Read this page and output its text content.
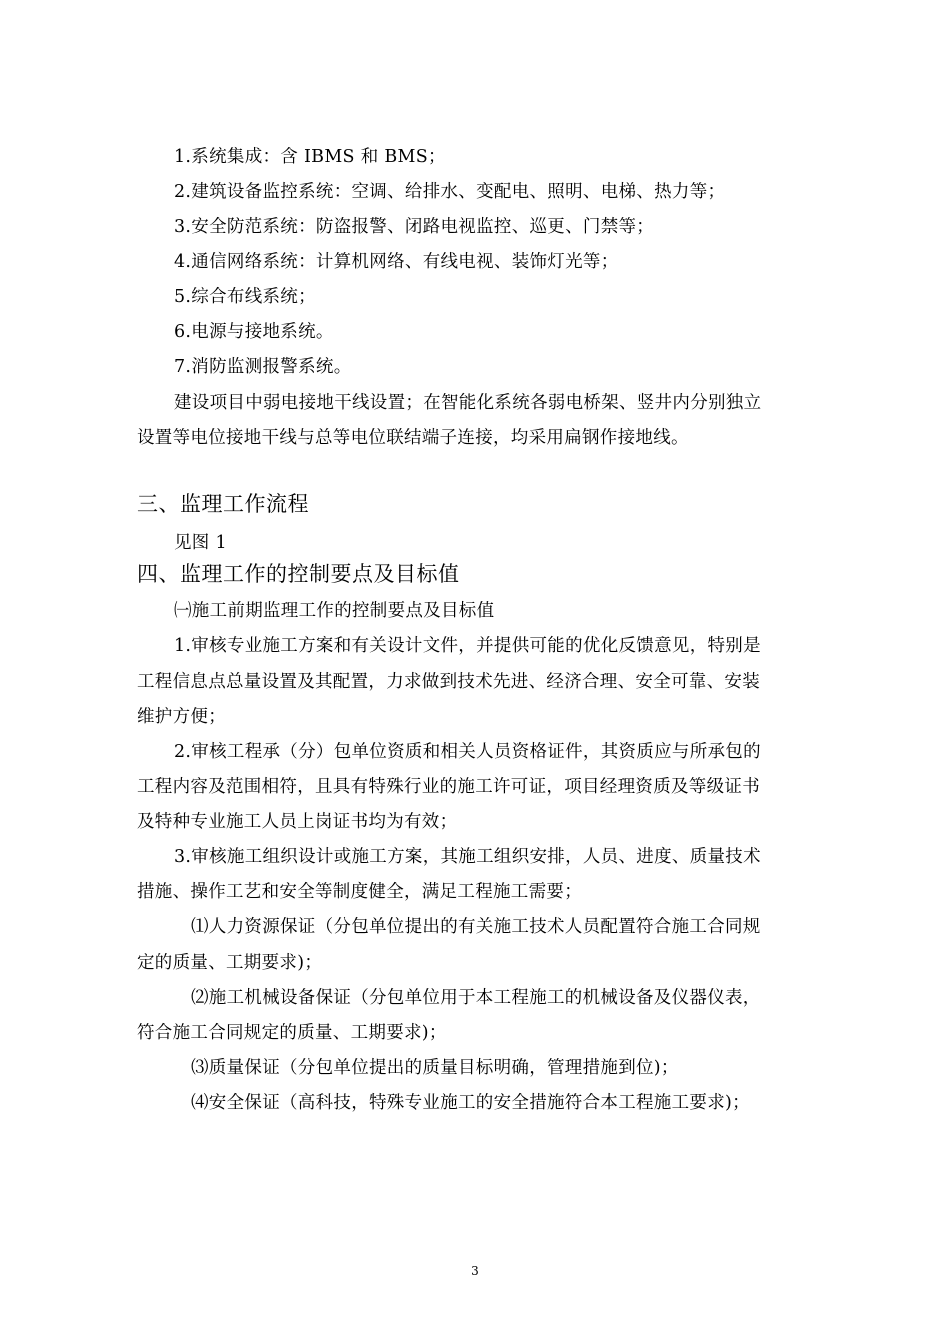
1.系统集成：含 IBMS 和 BMS；
2.建筑设备监控系统：空调、给排水、变配电、照明、电梯、热力等；
3.安全防范系统：防盗报警、闭路电视监控、巡更、门禁等；
4.通信网络系统：计算机网络、有线电视、装饰灯光等；
5.综合布线系统；
6.电源与接地系统。
7.消防监测报警系统。
建设项目中弱电接地干线设置；在智能化系统各弱电桥架、竖井内分别独立
设置等电位接地干线与总等电位联结端子连接，均采用扁钢作接地线。
三、监理工作流程
见图 1
四、监理工作的控制要点及目标值
㈠施工前期监理工作的控制要点及目标值
1.审核专业施工方案和有关设计文件，并提供可能的优化反馈意见，特别是
工程信息点总量设置及其配置，力求做到技术先进、经济合理、安全可靠、安装
维护方便；
2.审核工程承（分）包单位资质和相关人员资格证件，其资质应与所承包的
工程内容及范围相符，且具有特殊行业的施工许可证，项目经理资质及等级证书
及特种专业施工人员上岗证书均为有效；
3.审核施工组织设计或施工方案，其施工组织安排，人员、进度、质量技术
措施、操作工艺和安全等制度健全，满足工程施工需要；
⑴人力资源保证（分包单位提出的有关施工技术人员配置符合施工合同规
定的质量、工期要求)；
⑵施工机械设备保证（分包单位用于本工程施工的机械设备及仪器仪表，
符合施工合同规定的质量、工期要求)；
⑶质量保证（分包单位提出的质量目标明确，管理措施到位)；
⑷安全保证（高科技，特殊专业施工的安全措施符合本工程施工要求)；
3
